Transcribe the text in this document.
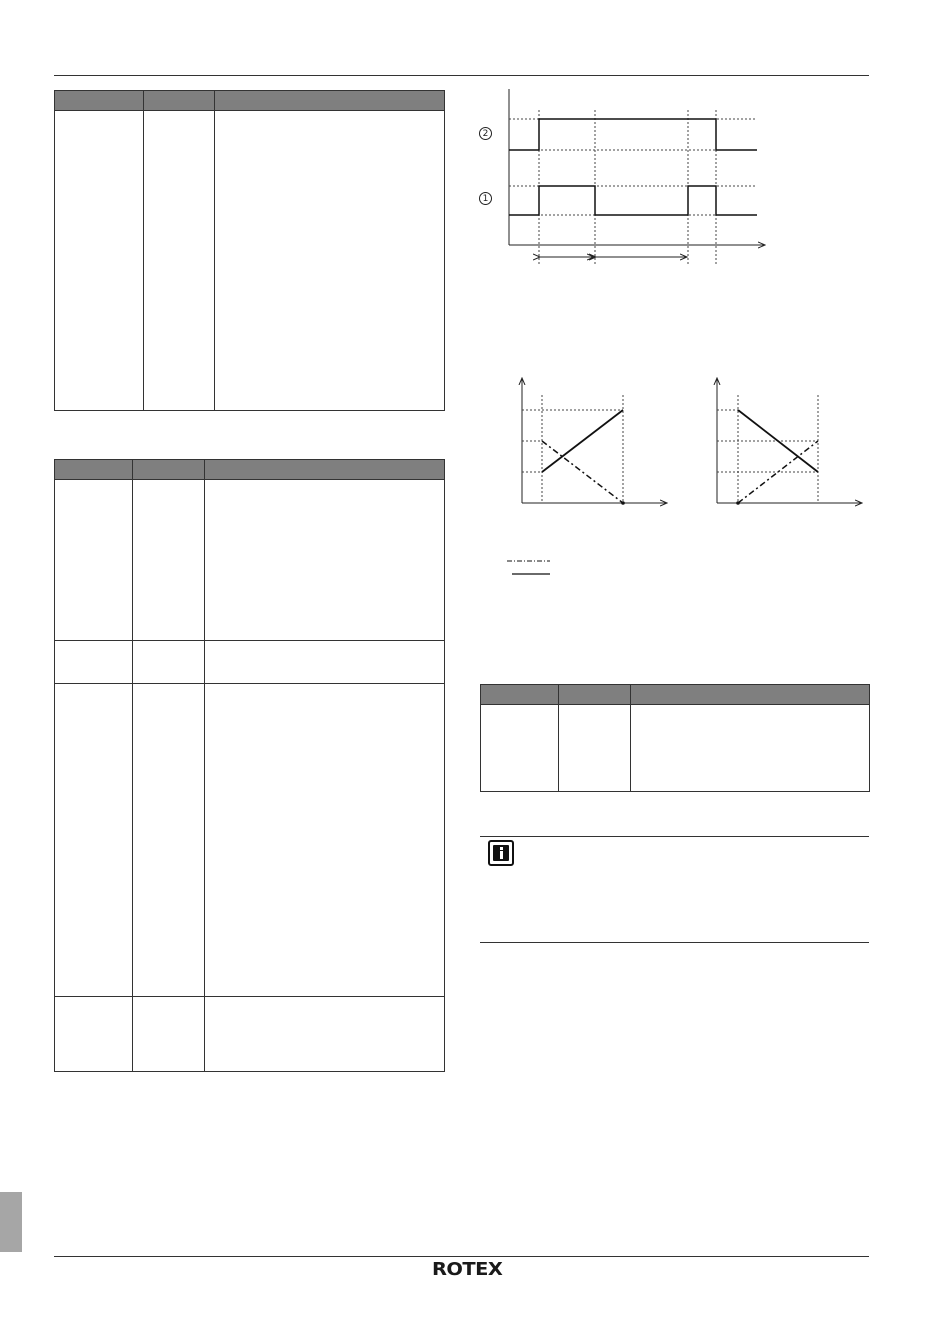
2
1

ROTEX
